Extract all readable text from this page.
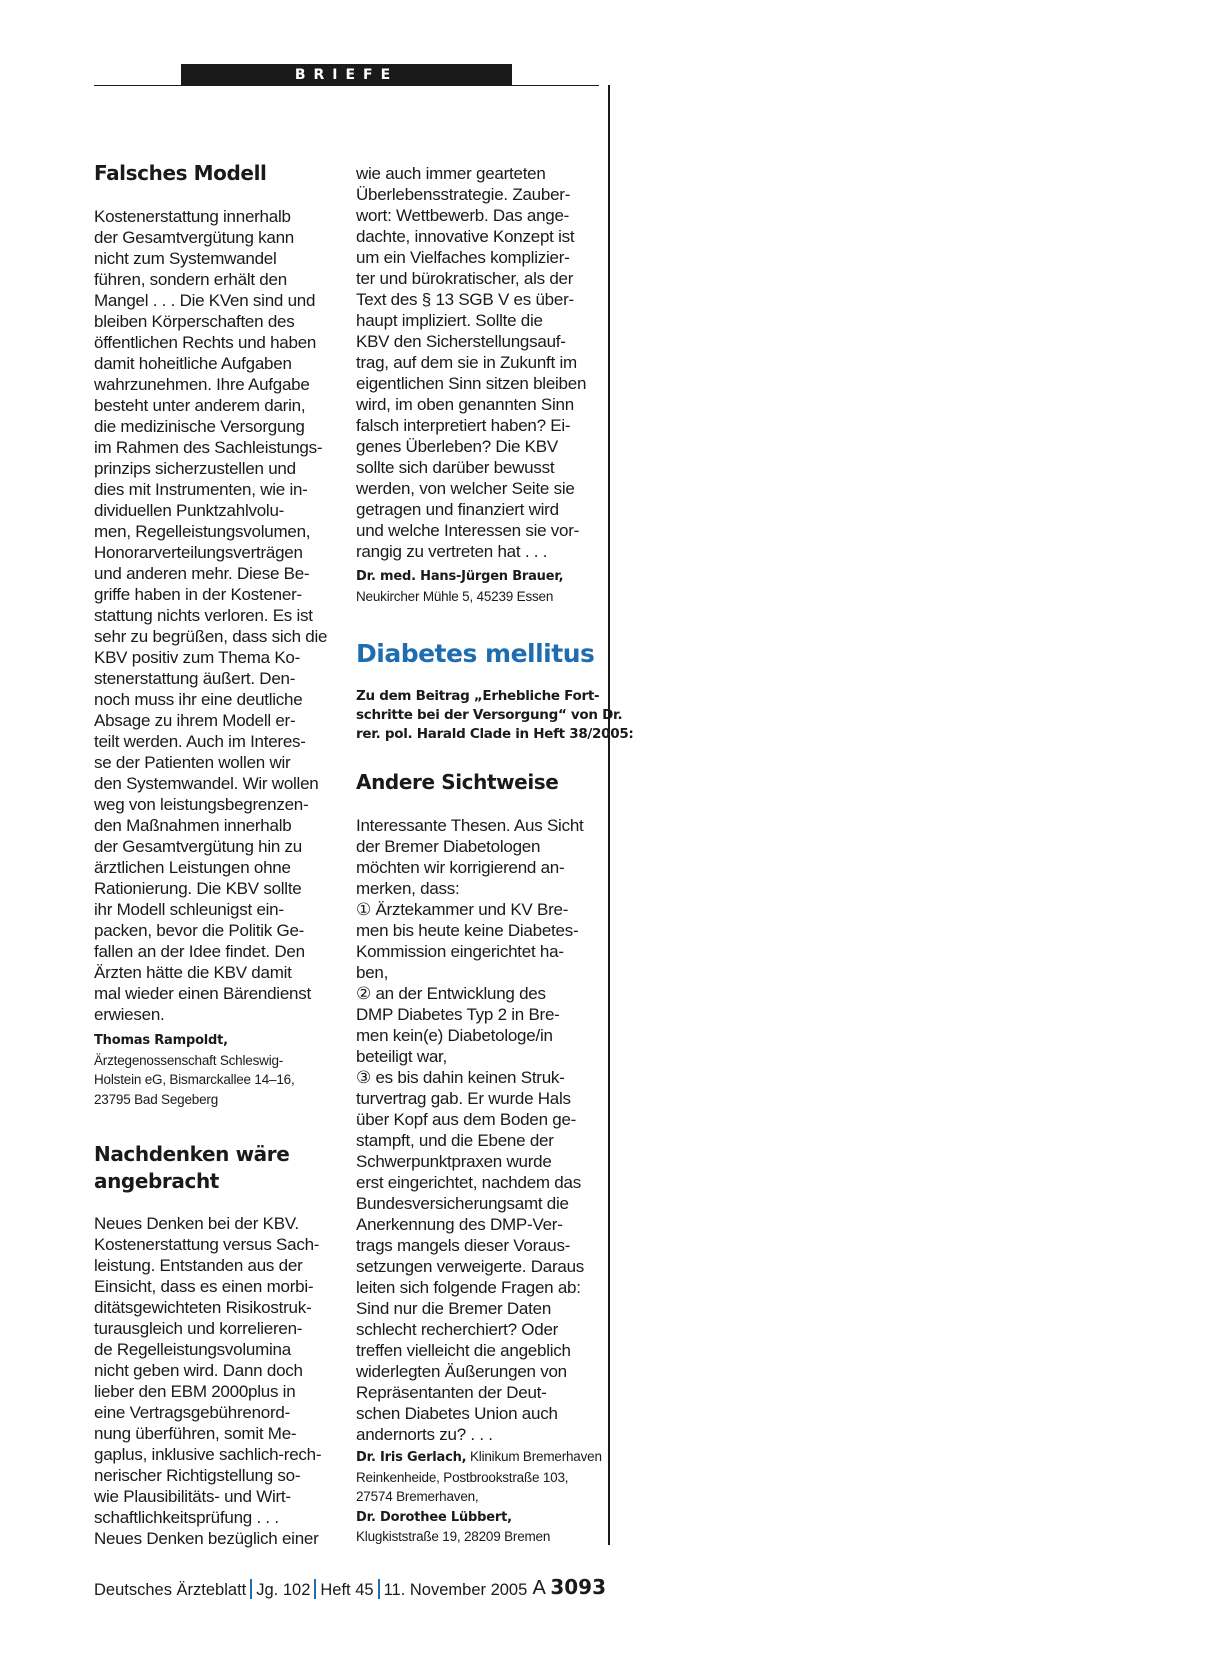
BRIEFE
Falsches Modell
Kostenerstattung innerhalb
der Gesamtvergütung kann
nicht zum Systemwandel
führen, sondern erhält den
Mangel . . . Die KVen sind und
bleiben Körperschaften des
öffentlichen Rechts und haben
damit hoheitliche Aufgaben
wahrzunehmen. Ihre Aufgabe
besteht unter anderem darin,
die medizinische Versorgung
im Rahmen des Sachleistungs-
prinzips sicherzustellen und
dies mit Instrumenten, wie in-
dividuellen Punktzahlvolu-
men, Regelleistungsvolumen,
Honorarverteilungsverträgen
und anderen mehr. Diese Be-
griffe haben in der Kostener-
stattung nichts verloren. Es ist
sehr zu begrüßen, dass sich die
KBV positiv zum Thema Ko-
stenerstattung äußert. Den-
noch muss ihr eine deutliche
Absage zu ihrem Modell er-
teilt werden. Auch im Interes-
se der Patienten wollen wir
den Systemwandel. Wir wollen
weg von leistungsbegrenzen-
den Maßnahmen innerhalb
der Gesamtvergütung hin zu
ärztlichen Leistungen ohne
Rationierung. Die KBV sollte
ihr Modell schleunigst ein-
packen, bevor die Politik Ge-
fallen an der Idee findet. Den
Ärzten hätte die KBV damit
mal wieder einen Bärendienst
erwiesen.
Thomas Rampoldt,
Ärztegenossenschaft Schleswig-
Holstein eG, Bismarckallee 14–16,
23795 Bad Segeberg
Nachdenken wäre
angebracht
Neues Denken bei der KBV.
Kostenerstattung versus Sach-
leistung. Entstanden aus der
Einsicht, dass es einen morbi-
ditätsgewichteten Risikostruk-
turausgleich und korrelieren-
de Regelleistungsvolumina
nicht geben wird. Dann doch
lieber den EBM 2000plus in
eine Vertragsgebührenord-
nung überführen, somit Me-
gaplus, inklusive sachlich-rech-
nerischer Richtigstellung so-
wie Plausibilitäts- und Wirt-
schaftlichkeitsprüfung . . .
Neues Denken bezüglich einer
wie auch immer gearteten
Überlebensstrategie. Zauber-
wort: Wettbewerb. Das ange-
dachte, innovative Konzept ist
um ein Vielfaches komplizier-
ter und bürokratischer, als der
Text des § 13 SGB V es über-
haupt impliziert. Sollte die
KBV den Sicherstellungsauf-
trag, auf dem sie in Zukunft im
eigentlichen Sinn sitzen bleiben
wird, im oben genannten Sinn
falsch interpretiert haben? Ei-
genes Überleben? Die KBV
sollte sich darüber bewusst
werden, von welcher Seite sie
getragen und finanziert wird
und welche Interessen sie vor-
rangig zu vertreten hat . . .
Dr. med. Hans-Jürgen Brauer,
Neukircher Mühle 5, 45239 Essen
Diabetes mellitus
Zu dem Beitrag „Erhebliche Fort-
schritte bei der Versorgung“ von Dr.
rer. pol. Harald Clade in Heft 38/2005:
Andere Sichtweise
Interessante Thesen. Aus Sicht
der Bremer Diabetologen
möchten wir korrigierend an-
merken, dass:
① Ärztekammer und KV Bre-
men bis heute keine Diabetes-
Kommission eingerichtet ha-
ben,
② an der Entwicklung des
DMP Diabetes Typ 2 in Bre-
men kein(e) Diabetologe/in
beteiligt war,
③ es bis dahin keinen Struk-
turvertrag gab. Er wurde Hals
über Kopf aus dem Boden ge-
stampft, und die Ebene der
Schwerpunktpraxen wurde
erst eingerichtet, nachdem das
Bundesversicherungsamt die
Anerkennung des DMP-Ver-
trags mangels dieser Voraus-
setzungen verweigerte. Daraus
leiten sich folgende Fragen ab:
Sind nur die Bremer Daten
schlecht recherchiert? Oder
treffen vielleicht die angeblich
widerlegten Äußerungen von
Repräsentanten der Deut-
schen Diabetes Union auch
andernorts zu? . . .
Dr. Iris Gerlach, Klinikum Bremerhaven
Reinkenheide, Postbrookstraße 103,
27574 Bremerhaven,
Dr. Dorothee Lübbert,
Klugkiststraße 19, 28209 Bremen
Deutsches Ärzteblatt Jg. 102 Heft 45 11. November 2005 A 3093
